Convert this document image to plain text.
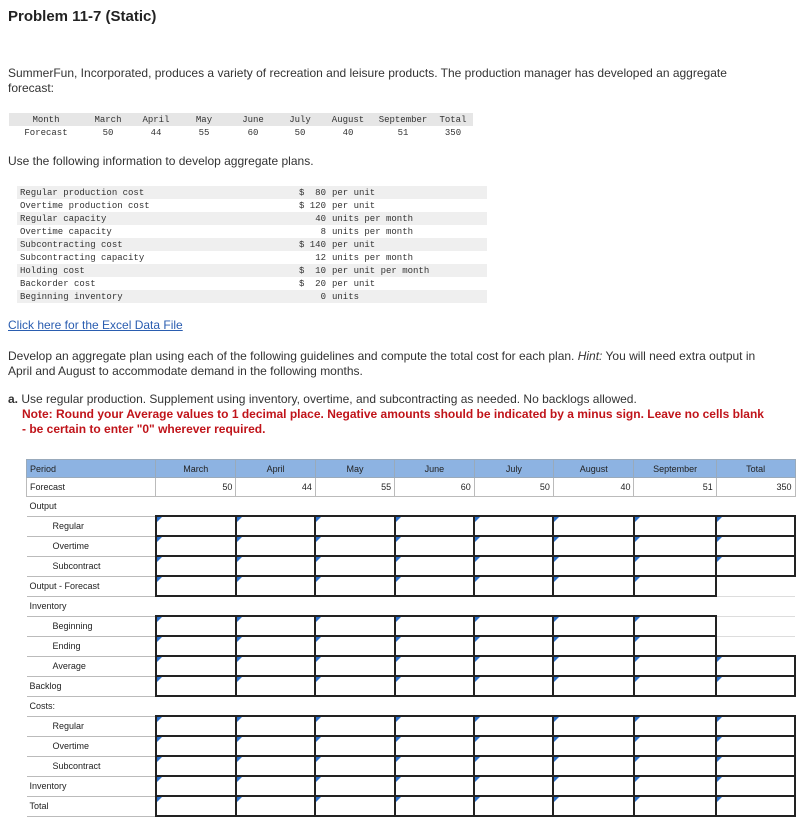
Problem 11-7 (Static)
SummerFun, Incorporated, produces a variety of recreation and leisure products. The production manager has developed an aggregate forecast:
Month	March	April	May	June	July	August	September	Total
Forecast	50	44	55	60	50	40	51	350
Use the following information to develop aggregate plans.
Regular production cost	$  80	per unit
Overtime production cost	$ 120	per unit
Regular capacity	40	units per month
Overtime capacity	8	units per month
Subcontracting cost	$ 140	per unit
Subcontracting capacity	12	units per month
Holding cost	$  10	per unit per month
Backorder cost	$  20	per unit
Beginning inventory	0	units
Click here for the Excel Data File
Develop an aggregate plan using each of the following guidelines and compute the total cost for each plan. Hint: You will need extra output in April and August to accommodate demand in the following months.
a. Use regular production. Supplement using inventory, overtime, and subcontracting as needed. No backlogs allowed.
Note: Round your Average values to 1 decimal place. Negative amounts should be indicated by a minus sign. Leave no cells blank - be certain to enter "0" wherever required.
Period	March	April	May	June	July	August	September	Total
Forecast	50	44	55	60	50	40	51	350
Output								
Regular								
Overtime								
Subcontract								
Output - Forecast								
Inventory								
Beginning								
Ending								
Average								
Backlog								
Costs:								
Regular								
Overtime								
Subcontract								
Inventory								
Total								
